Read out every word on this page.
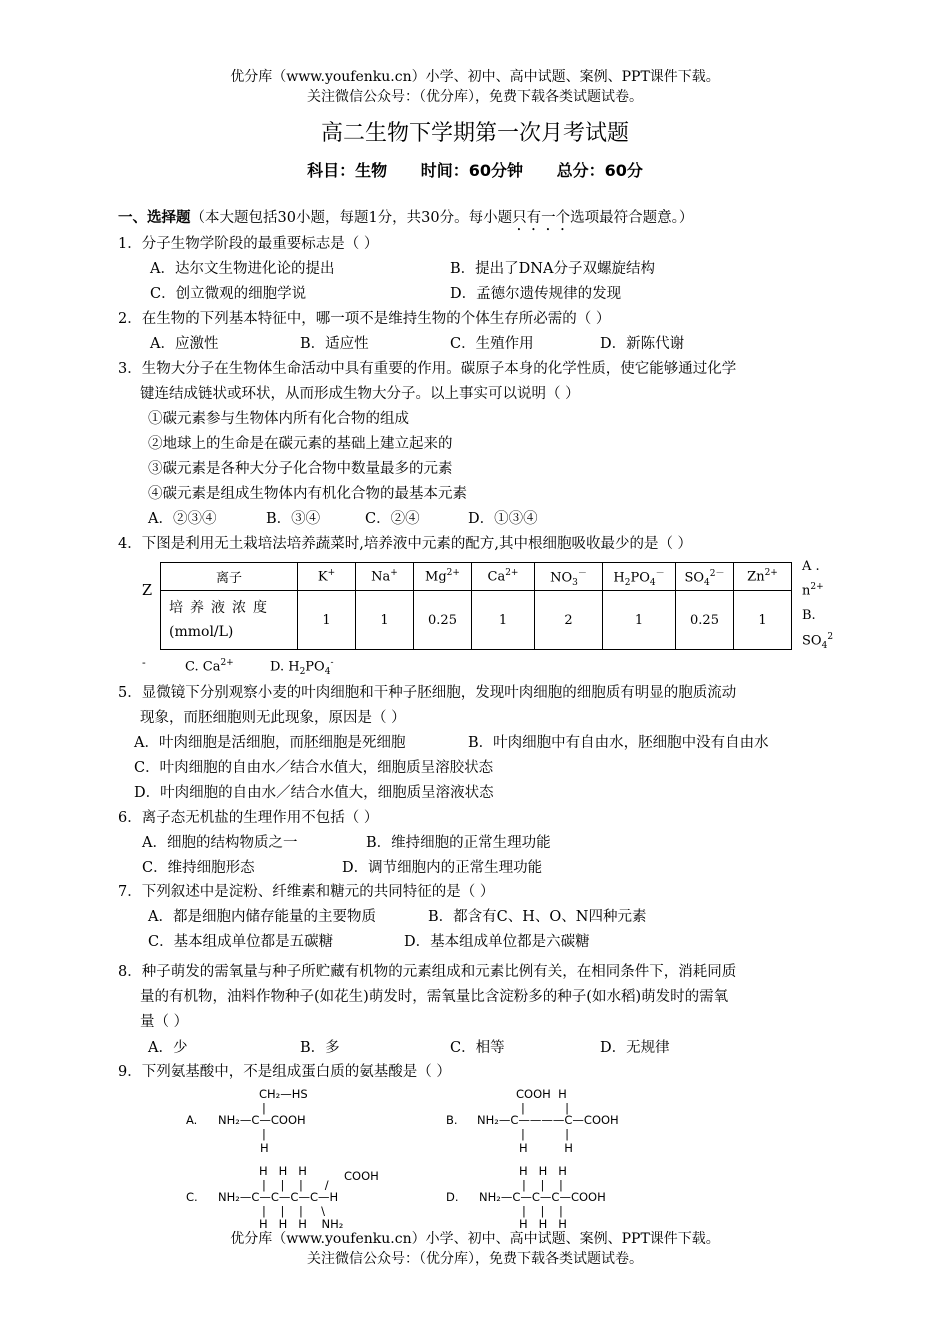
优分库（www.youfenku.cn）小学、初中、高中试题、案例、PPT课件下载。
关注微信公众号：（优分库），免费下载各类试题试卷。
高二生物下学期第一次月考试题
科目：生物 时间：60分钟 总分：60分
一、选择题（本大题包括30小题，每题1分，共30分。每小题只有一个选项最符合题意。）
1．分子生物学阶段的最重要标志是（ ）
A．达尔文生物进化论的提出	B．提出了DNA分子双螺旋结构
C．创立微观的细胞学说	D．孟德尔遗传规律的发现
2．在生物的下列基本特征中，哪一项不是维持生物的个体生存所必需的（ ）
A．应激性	B．适应性	C．生殖作用	D．新陈代谢
3．生物大分子在生物体生命活动中具有重要的作用。碳原子本身的化学性质，使它能够通过化学
键连结成链状或环状，从而形成生物大分子。以上事实可以说明（ ）
①碳元素参与生物体内所有化合物的组成
②地球上的生命是在碳元素的基础上建立起来的
③碳元素是各种大分子化合物中数量最多的元素
④碳元素是组成生物体内有机化合物的最基本元素
A．②③④	B．③④	C．②④	D．①③④
4．下图是利用无土栽培法培养蔬菜时,培养液中元素的配方,其中根细胞吸收最少的是（ ）
Z
离子	K+	Na+	$Mg^{2+}$	$Ca^{2+}$	$NO_3^-$	$H_2PO_4^-$	$SO_4^{2-}$	$Zn^{2+}$

培养液浓度
(mmol/L)	1	1	0.25	1	2	1	0.25	1
A .
$n^{2+}$
B.
$SO_4^2$
-	C. $Ca^{2+}$	D. $H_2PO_4^-$
5．显微镜下分别观察小麦的叶肉细胞和干种子胚细胞，发现叶肉细胞的细胞质有明显的胞质流动
现象，而胚细胞则无此现象，原因是（ ）
A．叶肉细胞是活细胞，而胚细胞是死细胞	B．叶肉细胞中有自由水，胚细胞中没有自由水
C．叶肉细胞的自由水／结合水值大，细胞质呈溶胶状态
D．叶肉细胞的自由水／结合水值大，细胞质呈溶液状态
6．离子态无机盐的生理作用不包括（ ）
A．细胞的结构物质之一	B．维持细胞的正常生理功能
C．维持细胞形态	D．调节细胞内的正常生理功能
7．下列叙述中是淀粉、纤维素和糖元的共同特征的是（ ）
A．都是细胞内储存能量的主要物质	B．都含有C、H、O、N四种元素
C．基本组成单位都是五碳糖	D．基本组成单位都是六碳糖
8．种子萌发的需氧量与种子所贮藏有机物的元素组成和元素比例有关，在相同条件下，消耗同质
量的有机物，油料作物种子(如花生)萌发时，需氧量比含淀粉多的种子(如水稻)萌发时的需氧
量（ ）
A．少	B．多	C．相等	D．无规律
9．下列氨基酸中，不是组成蛋白质的氨基酸是（ ）
A.
CH₂—HS
|
NH₂—C—COOH
|
H
B.
COOH  H
|           |
NH₂—C————C—COOH
|           |
H          H
C.
COOH
H   H   H
|    |    |      /
NH₂—C—C—C—C—H
|    |    |     \
H   H   H    NH₂
D.
H   H   H
|    |    |
NH₂—C—C—C—COOH
|    |    |
H   H   H
优分库（www.youfenku.cn）小学、初中、高中试题、案例、PPT课件下载。
关注微信公众号：（优分库），免费下载各类试题试卷。
